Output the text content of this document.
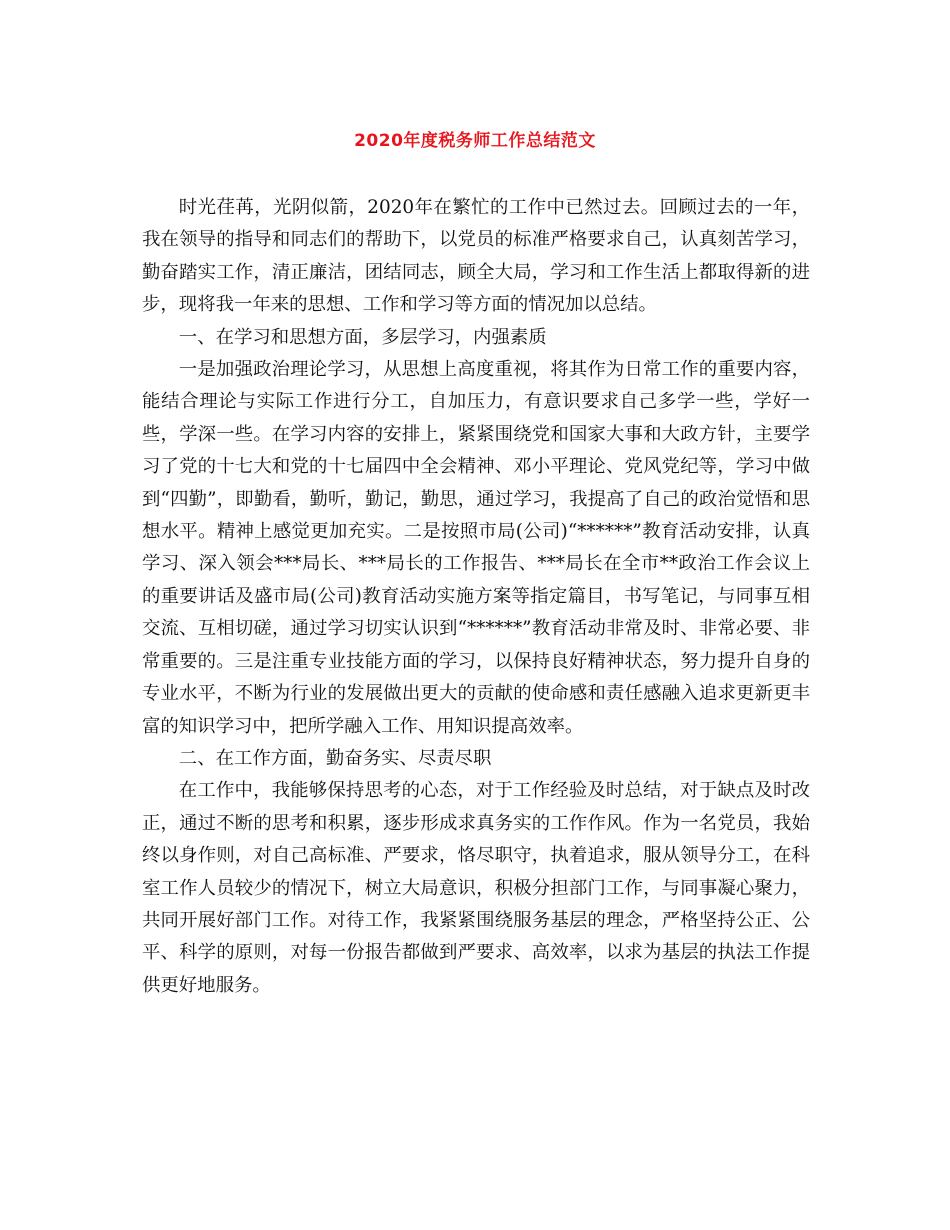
2020年度税务师工作总结范文

时光荏苒，光阴似箭，2020年在繁忙的工作中已然过去。回顾过去的一年，我在领导的指导和同志们的帮助下，以党员的标准严格要求自己，认真刻苦学习，勤奋踏实工作，清正廉洁，团结同志，顾全大局，学习和工作生活上都取得新的进步，现将我一年来的思想、工作和学习等方面的情况加以总结。

一、在学习和思想方面，多层学习，内强素质

一是加强政治理论学习，从思想上高度重视，将其作为日常工作的重要内容，能结合理论与实际工作进行分工，自加压力，有意识要求自己多学一些，学好一些，学深一些。在学习内容的安排上，紧紧围绕党和国家大事和大政方针，主要学习了党的十七大和党的十七届四中全会精神、邓小平理论、党风党纪等，学习中做到“四勤”，即勤看，勤听，勤记，勤思，通过学习，我提高了自己的政治觉悟和思想水平。精神上感觉更加充实。二是按照市局(公司)“******”教育活动安排，认真学习、深入领会***局长、***局长的工作报告、***局长在全市**政治工作会议上的重要讲话及盛市局(公司)教育活动实施方案等指定篇目，书写笔记，与同事互相交流、互相切磋，通过学习切实认识到“******”教育活动非常及时、非常必要、非常重要的。三是注重专业技能方面的学习，以保持良好精神状态，努力提升自身的专业水平，不断为行业的发展做出更大的贡献的使命感和责任感融入追求更新更丰富的知识学习中，把所学融入工作、用知识提高效率。

二、在工作方面，勤奋务实、尽责尽职

在工作中，我能够保持思考的心态，对于工作经验及时总结，对于缺点及时改正，通过不断的思考和积累，逐步形成求真务实的工作作风。作为一名党员，我始终以身作则，对自己高标准、严要求，恪尽职守，执着追求，服从领导分工，在科室工作人员较少的情况下，树立大局意识，积极分担部门工作，与同事凝心聚力，共同开展好部门工作。对待工作，我紧紧围绕服务基层的理念，严格坚持公正、公平、科学的原则，对每一份报告都做到严要求、高效率，以求为基层的执法工作提供更好地服务。
